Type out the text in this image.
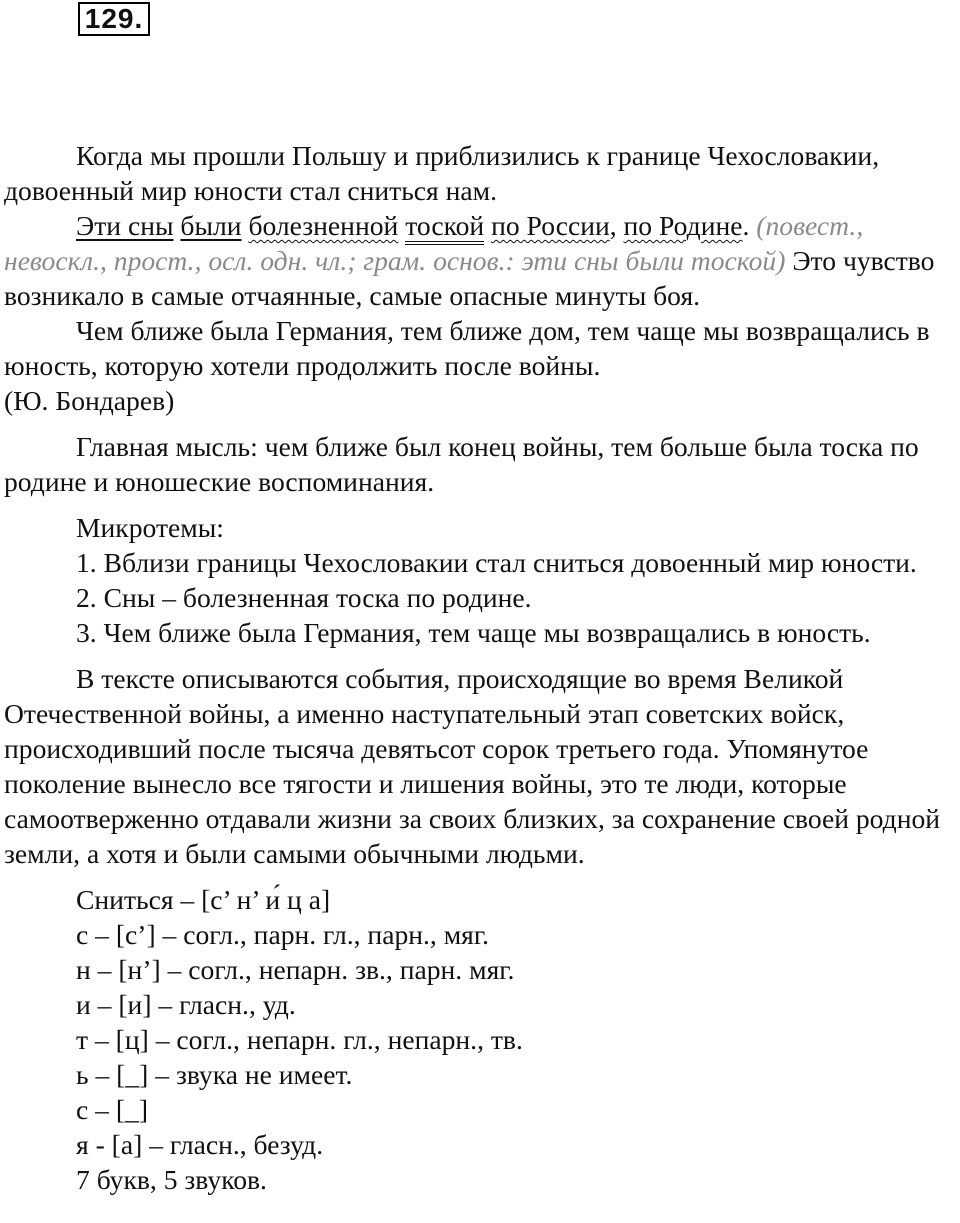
129.

Когда мы прошли Польшу и приблизились к границе Чехословакии, довоенный мир юности стал сниться нам.

Эти сны были болезненной тоской по России, по Родине. (повест., невоскл., прост., осл. одн. чл.; грам. основ.: эти сны были тоской) Это чувство возникало в самые отчаянные, самые опасные минуты боя.

Чем ближе была Германия, тем ближе дом, тем чаще мы возвращались в юность, которую хотели продолжить после войны.

(Ю. Бондарев)

Главная мысль: чем ближе был конец войны, тем больше была тоска по родине и юношеские воспоминания.

Микротемы:

1. Вблизи границы Чехословакии стал сниться довоенный мир юности.

2. Сны – болезненная тоска по родине.

3. Чем ближе была Германия, тем чаще мы возвращались в юность.

В тексте описываются события, происходящие во время Великой Отечественной войны, а именно наступательный этап советских войск, происходивший после тысяча девятьсот сорок третьего года. Упомянутое поколение вынесло все тягости и лишения войны, это те люди, которые самоотверженно отдавали жизни за своих близких, за сохранение своей родной земли, а хотя и были самыми обычными людьми.

Сниться – [с’ н’ и́ ц а]

с – [с’] – согл., парн. гл., парн., мяг.

н – [н’] – согл., непарн. зв., парн. мяг.

и – [и] – гласн., уд.

т – [ц] – согл., непарн. гл., непарн., тв.

ь – [_] – звука не имеет.

с – [_]

я - [а] – гласн., безуд.

7 букв, 5 звуков.
